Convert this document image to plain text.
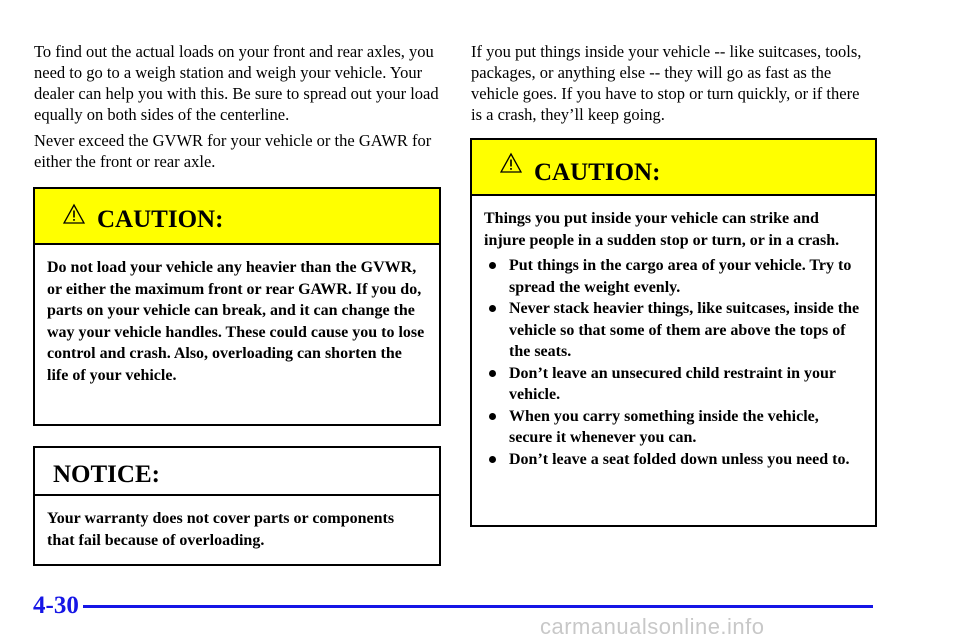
To find out the actual loads on your front and rear axles, you need to go to a weigh station and weigh your vehicle. Your dealer can help you with this. Be sure to spread out your load equally on both sides of the centerline.

Never exceed the GVWR for your vehicle or the GAWR for either the front or rear axle.

CAUTION:
Do not load your vehicle any heavier than the GVWR, or either the maximum front or rear GAWR. If you do, parts on your vehicle can break, and it can change the way your vehicle handles. These could cause you to lose control and crash. Also, overloading can shorten the life of your vehicle.
NOTICE:
Your warranty does not cover parts or components that fail because of overloading.

If you put things inside your vehicle -- like suitcases, tools, packages, or anything else -- they will go as fast as the vehicle goes. If you have to stop or turn quickly, or if there is a crash, they’ll keep going.

CAUTION:
Things you put inside your vehicle can strike and injure people in a sudden stop or turn, or in a crash.
Put things in the cargo area of your vehicle. Try to spread the weight evenly.
Never stack heavier things, like suitcases, inside the vehicle so that some of them are above the tops of the seats.
Don’t leave an unsecured child restraint in your vehicle.
When you carry something inside the vehicle, secure it whenever you can.
Don’t leave a seat folded down unless you need to.
4-30
carmanualsonline.info
